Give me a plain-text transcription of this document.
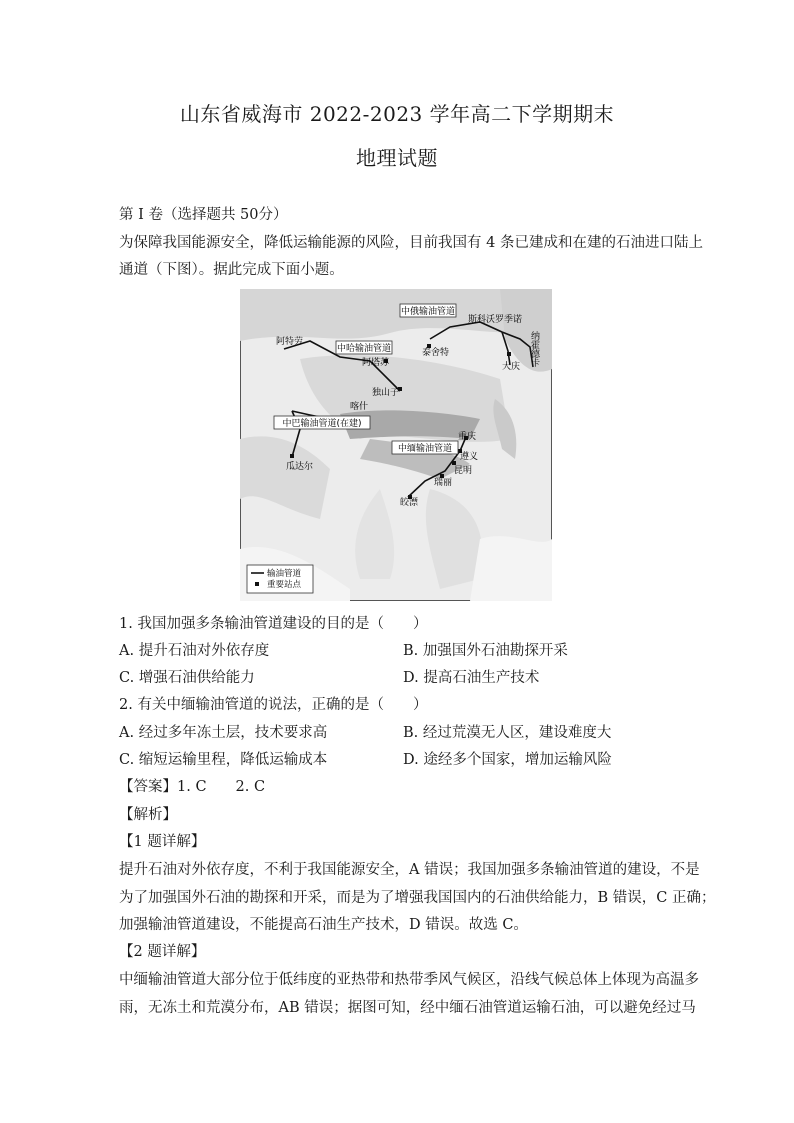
山东省威海市 2022-2023 学年高二下学期期末
地理试题
第 I 卷（选择题共 50分）
为保障我国能源安全，降低运输能源的风险，目前我国有 4 条已建成和在建的石油进口陆上
通道（下图）。据此完成下面小题。
中俄输油管道
中哈输油管道
中巴输油管道(在建)
中缅输油管道
斯科沃罗季诺
纳霍德卡
阿特劳
阿塔苏
泰舍特
大庆
独山子
喀什
瓜达尔
重庆
遵义
昆明
瑞丽
皎漂
输油管道
重要站点
1. 我国加强多条输油管道建设的目的是（　　）
A. 提升石油对外依存度	B. 加强国外石油勘探开采
C. 增强石油供给能力	D. 提高石油生产技术
2. 有关中缅输油管道的说法，正确的是（　　）
A. 经过多年冻土层，技术要求高	B. 经过荒漠无人区，建设难度大
C. 缩短运输里程，降低运输成本	D. 途经多个国家，增加运输风险
【答案】1. C　　2. C
【解析】
【1 题详解】
提升石油对外依存度，不利于我国能源安全，A 错误；我国加强多条输油管道的建设，不是
为了加强国外石油的勘探和开采，而是为了增强我国国内的石油供给能力，B 错误，C 正确；
加强输油管道建设，不能提高石油生产技术，D 错误。故选 C。
【2 题详解】
中缅输油管道大部分位于低纬度的亚热带和热带季风气候区，沿线气候总体上体现为高温多
雨，无冻土和荒漠分布，AB 错误；据图可知，经中缅石油管道运输石油，可以避免经过马
